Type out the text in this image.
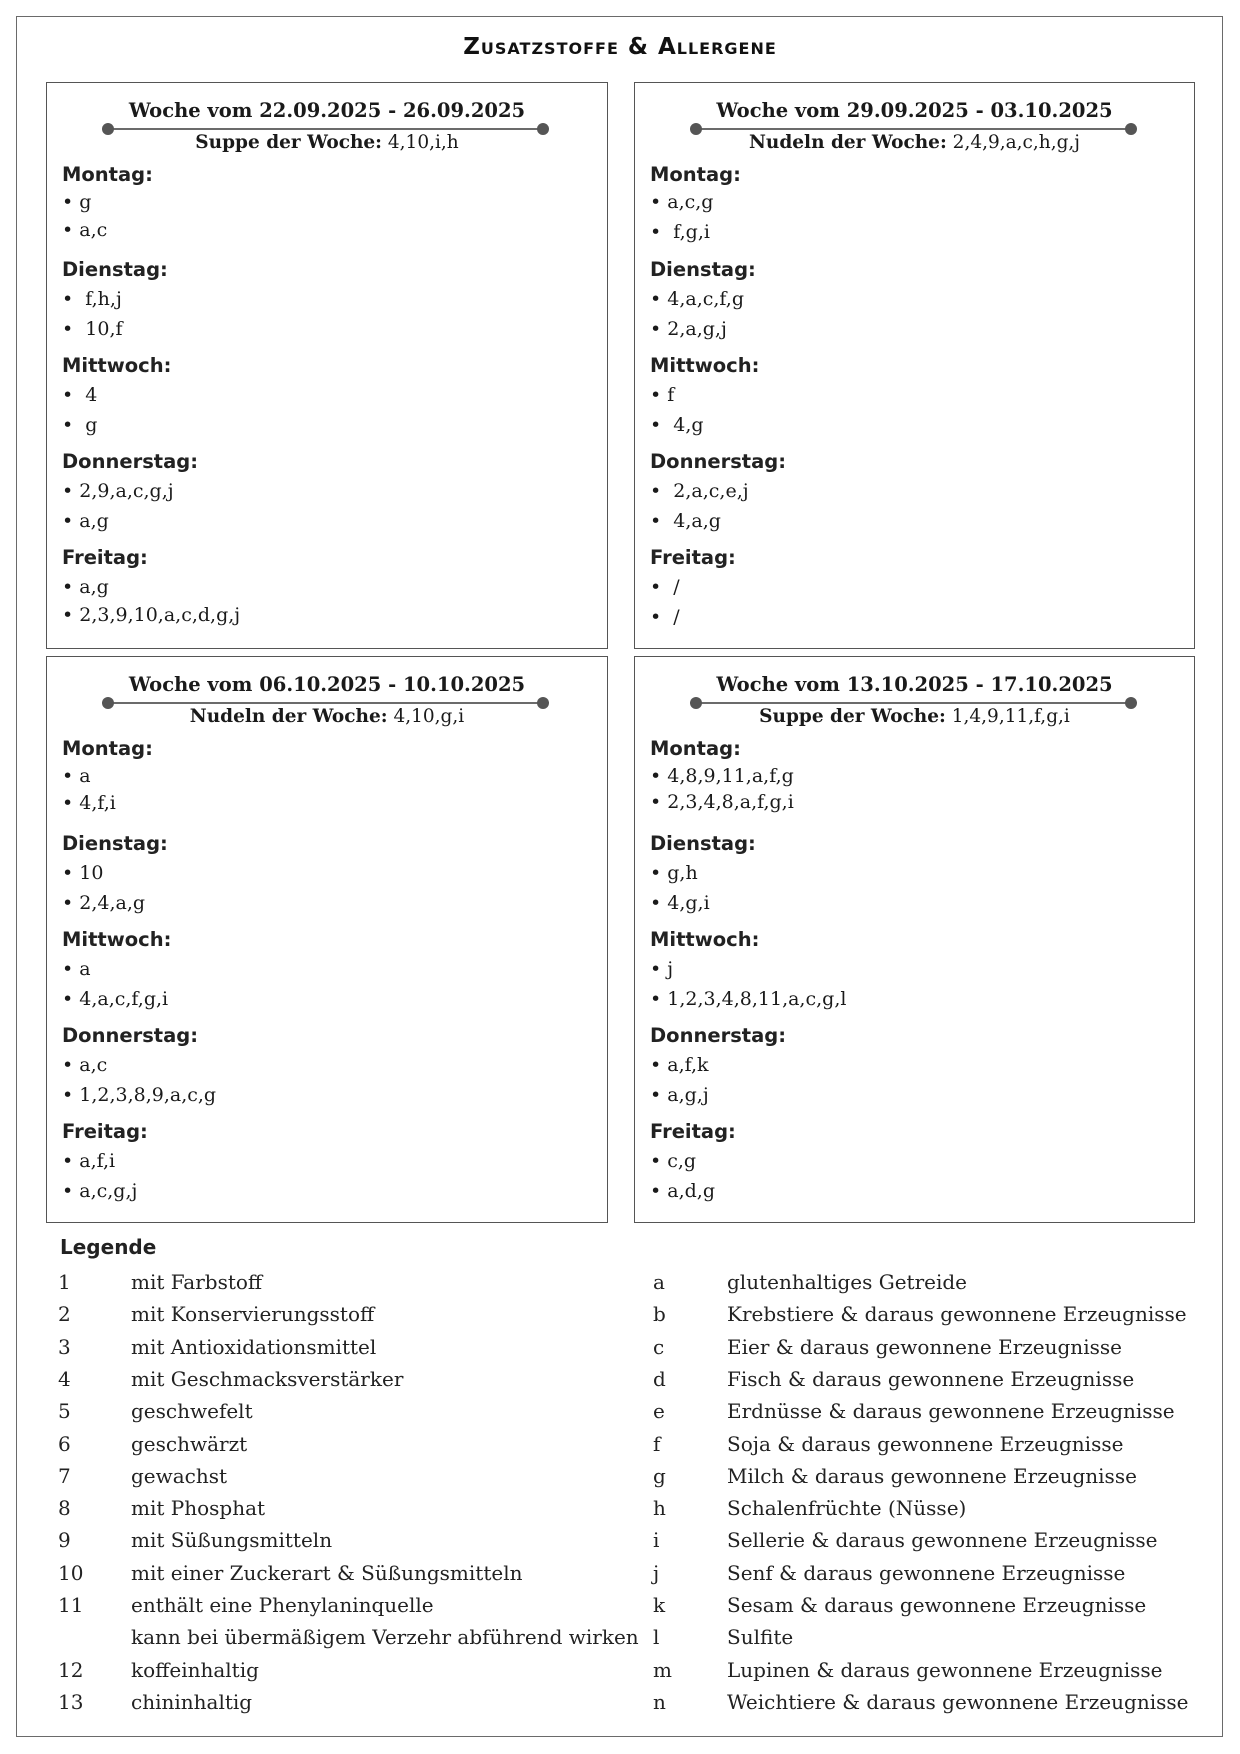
Zusatzstoffe & Allergene
Woche vom 22.09.2025 - 26.09.2025
Suppe der Woche: 4,10,i,h
Montag:
• g
• a,c
Dienstag:
•  f,h,j
•  10,f
Mittwoch:
•  4
•  g
Donnerstag:
• 2,9,a,c,g,j
• a,g
Freitag:
• a,g
• 2,3,9,10,a,c,d,g,j
Woche vom 29.09.2025 - 03.10.2025
Nudeln der Woche: 2,4,9,a,c,h,g,j
Montag:
• a,c,g
•  f,g,i
Dienstag:
• 4,a,c,f,g
• 2,a,g,j
Mittwoch:
• f
•  4,g
Donnerstag:
•  2,a,c,e,j
•  4,a,g
Freitag:
•  /
•  /
Woche vom 06.10.2025 - 10.10.2025
Nudeln der Woche: 4,10,g,i
Montag:
• a
• 4,f,i
Dienstag:
• 10
• 2,4,a,g
Mittwoch:
• a
• 4,a,c,f,g,i
Donnerstag:
• a,c
• 1,2,3,8,9,a,c,g
Freitag:
• a,f,i
• a,c,g,j
Woche vom 13.10.2025 - 17.10.2025
Suppe der Woche: 1,4,9,11,f,g,i
Montag:
• 4,8,9,11,a,f,g
• 2,3,4,8,a,f,g,i
Dienstag:
• g,h
• 4,g,i
Mittwoch:
• j
• 1,2,3,4,8,11,a,c,g,l
Donnerstag:
• a,f,k
• a,g,j
Freitag:
• c,g
• a,d,g
Legende
1	mit Farbstoff
2	mit Konservierungsstoff
3	mit Antioxidationsmittel
4	mit Geschmacksverstärker
5	geschwefelt
6	geschwärzt
7	gewachst
8	mit Phosphat
9	mit Süßungsmitteln
10 mit einer Zuckerart & Süßungsmitteln
11 enthält eine Phenylaninquelle
kann bei übermäßigem Verzehr abführend wirken
12 koffeinhaltig
13 chininhaltig
a	glutenhaltiges Getreide
b	Krebstiere & daraus gewonnene Erzeugnisse
c	Eier & daraus gewonnene Erzeugnisse
d	Fisch & daraus gewonnene Erzeugnisse
e	Erdnüsse & daraus gewonnene Erzeugnisse
f	Soja & daraus gewonnene Erzeugnisse
g	Milch & daraus gewonnene Erzeugnisse
h	Schalenfrüchte (Nüsse)
i	Sellerie & daraus gewonnene Erzeugnisse
j	Senf & daraus gewonnene Erzeugnisse
k	Sesam & daraus gewonnene Erzeugnisse
l	Sulfite
m	Lupinen & daraus gewonnene Erzeugnisse
n	Weichtiere & daraus gewonnene Erzeugnisse
